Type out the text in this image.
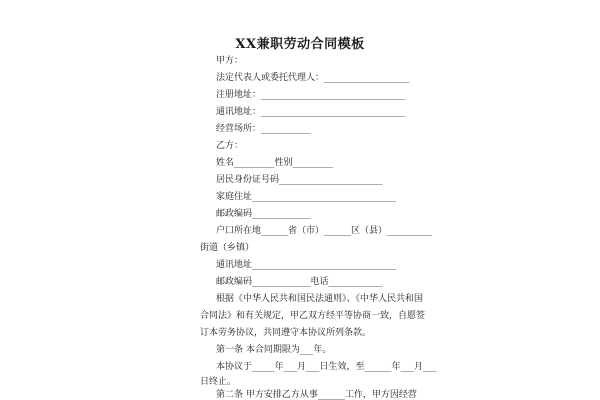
XX兼职劳动合同模板
甲方：
法定代表人或委托代理人：___________________
注册地址：________________________________
通讯地址：________________________________
经营场所：___________
乙方：
姓名_________性别_________
居民身份证号码_______________________
家庭住址________________________________
邮政编码_____________
户口所在地______省（市）______区（县）__________
街道（乡镇）
通讯地址________________________________
邮政编码_____________电话____________
根据《中华人民共和国民法通则》、《中华人民共和国
合同法》和有关规定，甲乙双方经平等协商一致，自愿签
订本劳务协议，共同遵守本协议所列条款。
第一条 本合同期限为___年。
本协议于_____年___月___日生效，至______年___月___
日终止。
第二条 甲方安排乙方从事______工作，甲方因经营
